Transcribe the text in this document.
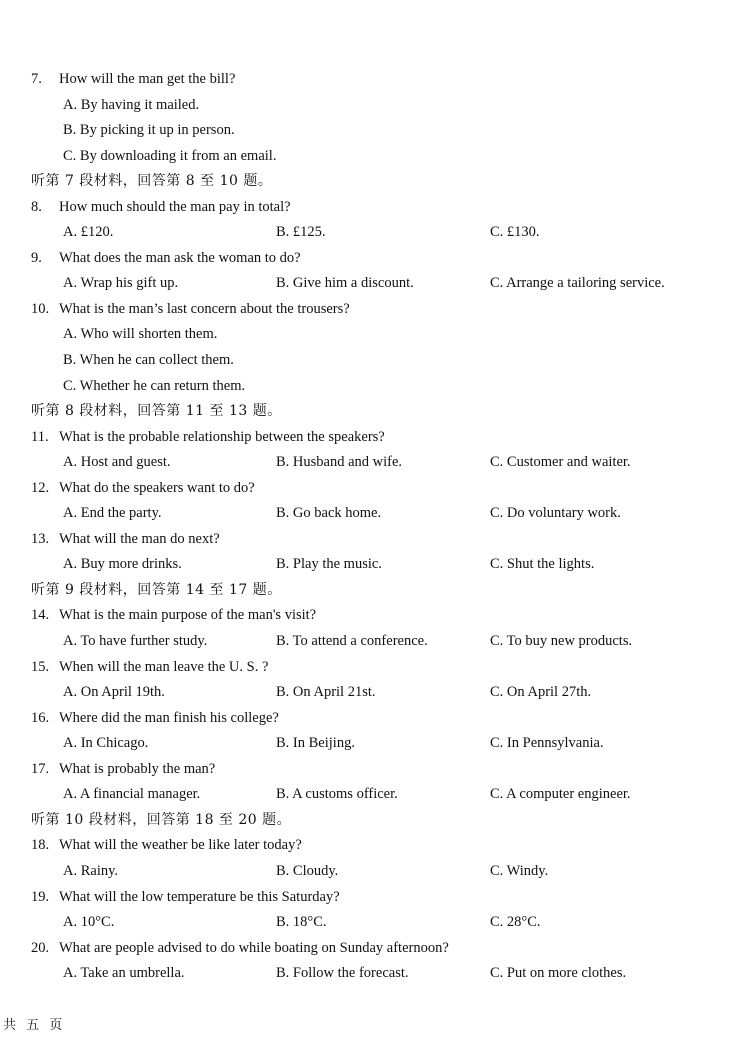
7. How will the man get the bill?
A. By having it mailed.
B. By picking it up in person.
C. By downloading it from an email.
听第 7 段材料，回答第 8 至 10 题。
8. How much should the man pay in total?
A. £120.	B. £125.	C. £130.
9. What does the man ask the woman to do?
A. Wrap his gift up.	B. Give him a discount.	C. Arrange a tailoring service.
10. What is the man’s last concern about the trousers?
A. Who will shorten them.
B. When he can collect them.
C. Whether he can return them.
听第 8 段材料，回答第 11 至 13 题。
11. What is the probable relationship between the speakers?
A. Host and guest.	B. Husband and wife.	C. Customer and waiter.
12. What do the speakers want to do?
A. End the party.	B. Go back home.	C. Do voluntary work.
13. What will the man do next?
A. Buy more drinks.	B. Play the music.	C. Shut the lights.
听第 9 段材料，回答第 14 至 17 题。
14. What is the main purpose of the man's visit?
A. To have further study.	B. To attend a conference.	C. To buy new products.
15. When will the man leave the U. S. ?
A. On April 19th.	B. On April 21st.	C. On April 27th.
16. Where did the man finish his college?
A. In Chicago.	B. In Beijing.	C. In Pennsylvania.
17. What is probably the man?
A. A financial manager.	B. A customs officer.	C. A computer engineer.
听第 10 段材料，回答第 18 至 20 题。
18. What will the weather be like later today?
A. Rainy.	B. Cloudy.	C. Windy.
19. What will the low temperature be this Saturday?
A. 10°C.	B. 18°C.	C. 28°C.
20. What are people advised to do while boating on Sunday afternoon?
A. Take an umbrella.	B. Follow the forecast.	C. Put on more clothes.
共 五 页
